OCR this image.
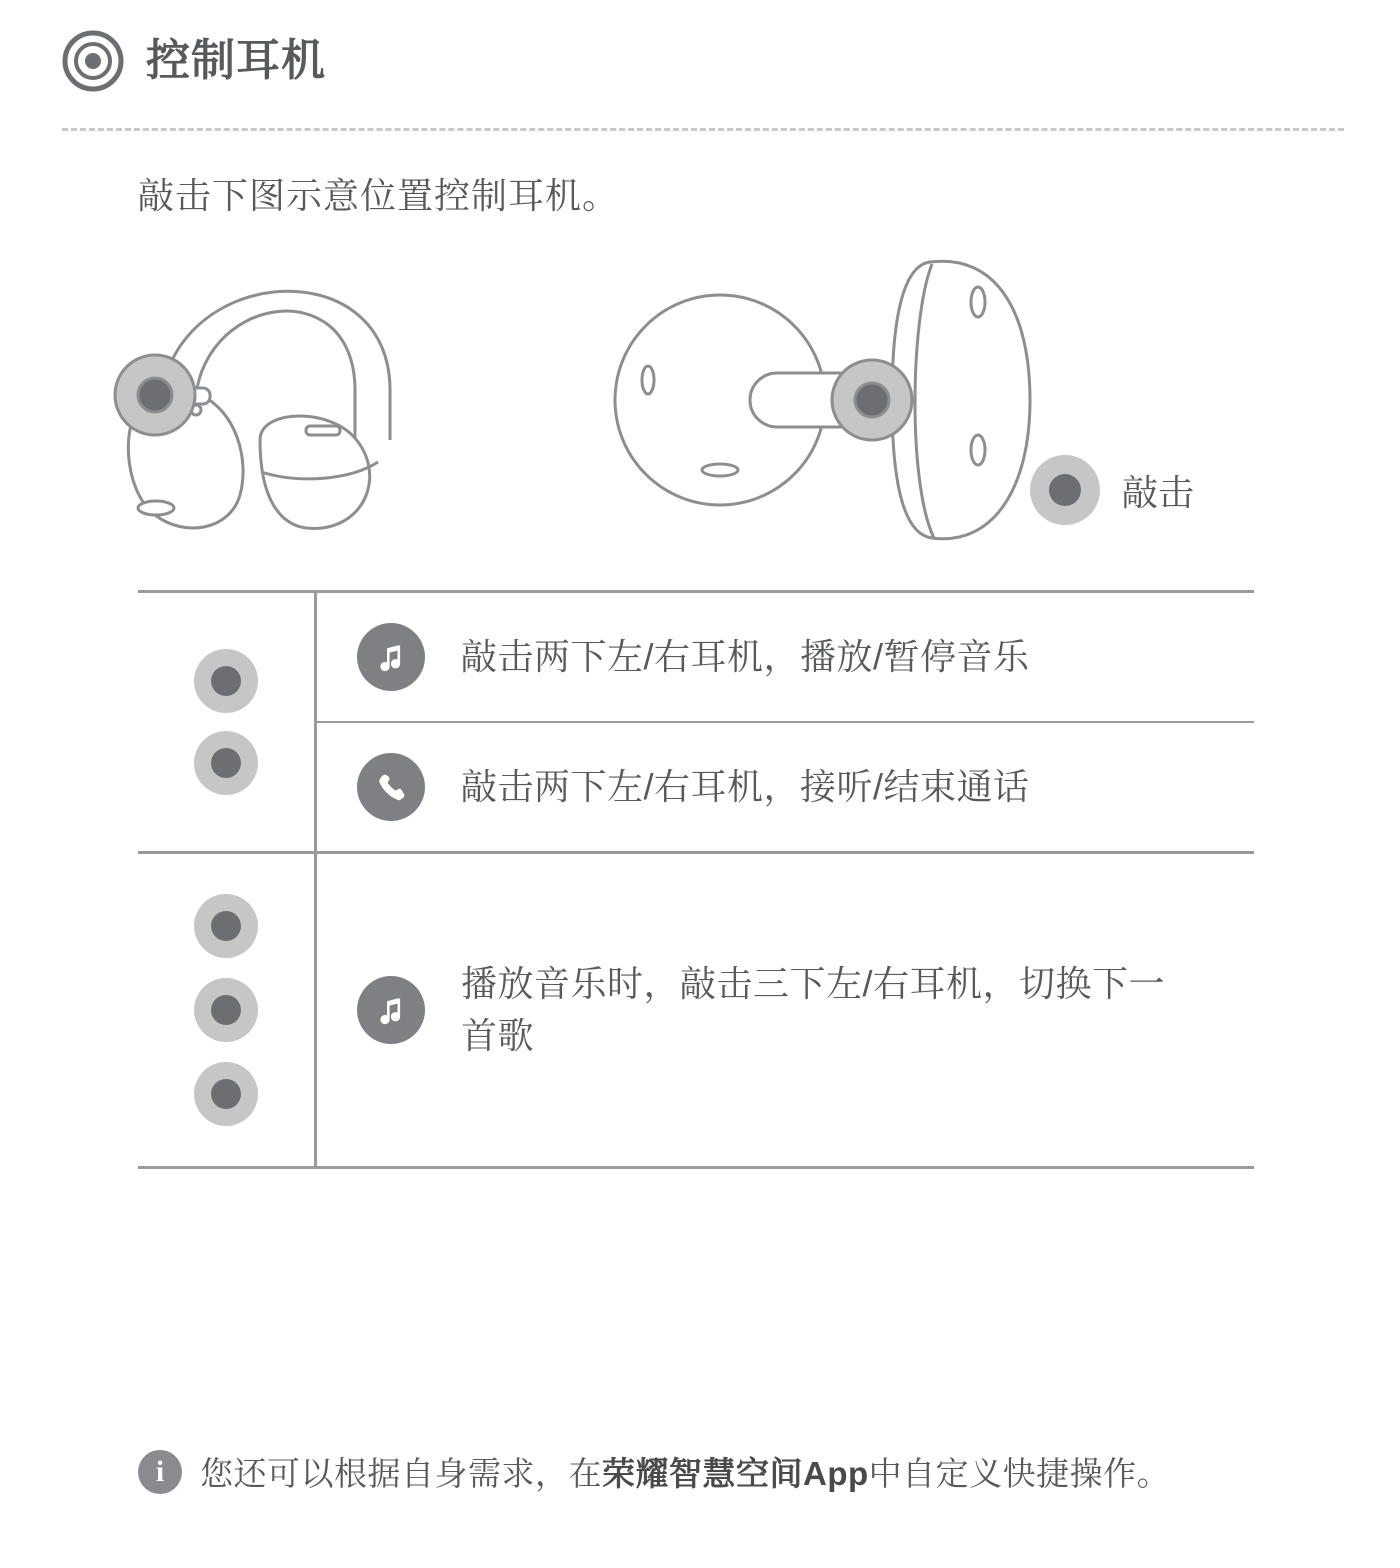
控制耳机
敲击下图示意位置控制耳机。
敲击
敲击两下左/右耳机，播放/暂停音乐
敲击两下左/右耳机，接听/结束通话
播放音乐时，敲击三下左/右耳机，切换下一首歌
i	您还可以根据自身需求，在荣耀智慧空间App中自定义快捷操作。
